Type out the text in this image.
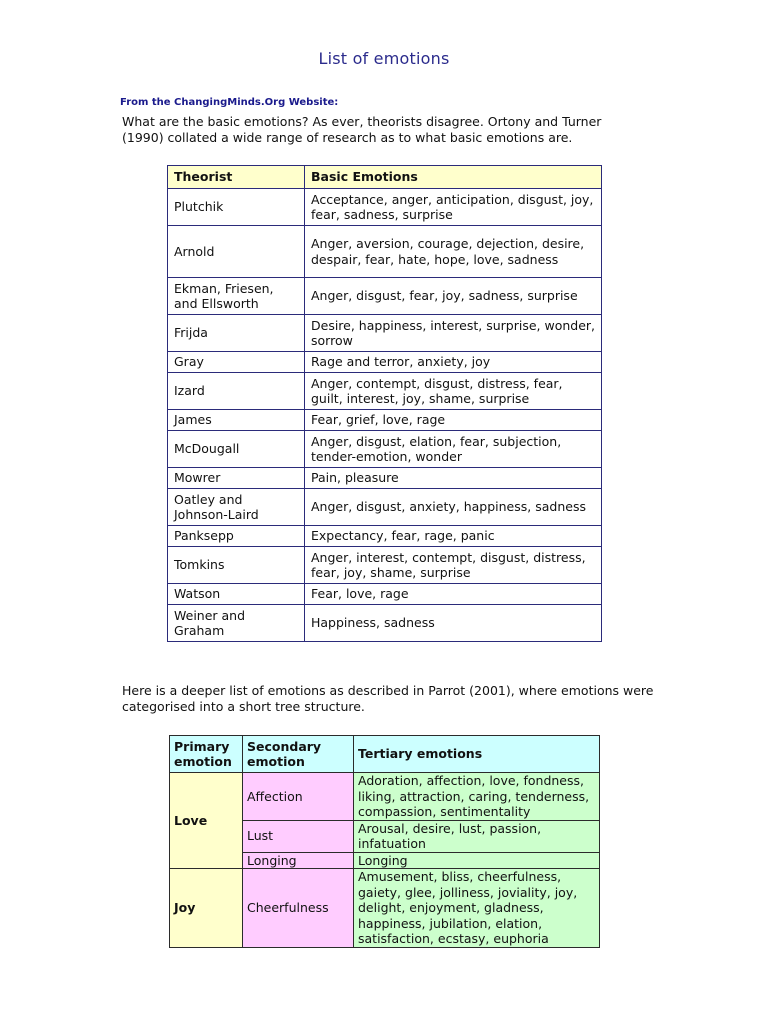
List of emotions
From the ChangingMinds.Org Website:
What are the basic emotions? As ever, theorists disagree. Ortony and Turner (1990) collated a wide range of research as to what basic emotions are.
Theorist	Basic Emotions
Plutchik	Acceptance, anger, anticipation, disgust, joy, fear, sadness, surprise
Arnold	Anger, aversion, courage, dejection, desire, despair, fear, hate, hope, love, sadness
Ekman, Friesen, and Ellsworth	Anger, disgust, fear, joy, sadness, surprise
Frijda	Desire, happiness, interest, surprise, wonder, sorrow
Gray	Rage and terror, anxiety, joy
Izard	Anger, contempt, disgust, distress, fear, guilt, interest, joy, shame, surprise
James	Fear, grief, love, rage
McDougall	Anger, disgust, elation, fear, subjection, tender-emotion, wonder
Mowrer	Pain, pleasure
Oatley and Johnson-Laird	Anger, disgust, anxiety, happiness, sadness
Panksepp	Expectancy, fear, rage, panic
Tomkins	Anger, interest, contempt, disgust, distress, fear, joy, shame, surprise
Watson	Fear, love, rage
Weiner and Graham	Happiness, sadness
Here is a deeper list of emotions as described in Parrot (2001), where emotions were categorised into a short tree structure.
Primary emotion	Secondary emotion	Tertiary emotions
Love	Affection	Adoration, affection, love, fondness, liking, attraction, caring, tenderness, compassion, sentimentality
	Lust	Arousal, desire, lust, passion, infatuation
	Longing	Longing
Joy	Cheerfulness	Amusement, bliss, cheerfulness, gaiety, glee, jolliness, joviality, joy, delight, enjoyment, gladness, happiness, jubilation, elation, satisfaction, ecstasy, euphoria
